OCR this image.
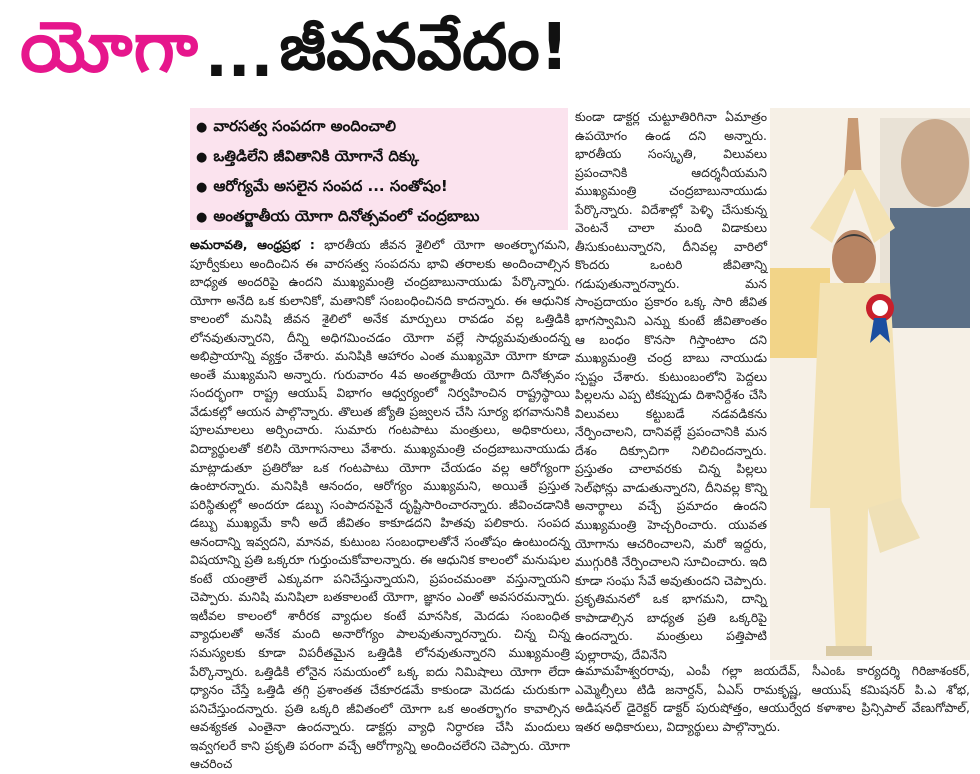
యోగా ...జీవనవేదం!
● వారసత్వ సంపదగా అందించాలి
● ఒత్తిడిలేని జీవితానికి యోగానే దిక్కు
● ఆరోగ్యమే అసలైన సంపద ... సంతోషం!
● అంతర్జాతీయ యోగా దినోత్సవంలో చంద్రబాబు

అమరావతి, ఆంధ్రప్రభ : భారతీయ జీవన శైలిలో యోగా అంతర్భాగమని, పూర్వీకులు అందించిన ఈ వారసత్వ సంపదను భావి తరాలకు అందించాల్సిన బాధ్యత అందరిపై ఉందని ముఖ్యమంత్రి చంద్రబాబునాయుడు పేర్కొన్నారు. యోగా అనేది ఒక కులానికో, మతానికో సంబంధించినది కాదన్నారు. ఈ ఆధునిక కాలంలో మనిషి జీవన శైలిలో అనేక మార్పులు రావడం వల్ల ఒత్తిడికి లోనవుతున్నారని, దీన్ని అధిగమించడం యోగా వల్లే సాధ్యమవుతుందన్న అభిప్రాయాన్ని వ్యక్తం చేశారు. మనిషికి ఆహారం ఎంత ముఖ్యమో యోగా కూడా అంతే ముఖ్యమని అన్నారు. గురువారం 4వ అంతర్జాతీయ యోగా దినోత్సవం సందర్భంగా రాష్ట్ర ఆయుష్ విభాగం ఆధ్వర్యంలో నిర్వహించిన రాష్ట్రస్థాయి వేడుకల్లో ఆయన పాల్గొన్నారు. తొలుత జ్యోతి ప్రజ్వలన చేసి సూర్య భగవానునికి పూలమాలలు అర్పించారు. సుమారు గంటపాటు మంత్రులు, అధికారులు, విద్యార్థులతో కలిసి యోగాసనాలు వేశారు. ముఖ్యమంత్రి చంద్రబాబునాయుడు మాట్లాడుతూ ప్రతిరోజు ఒక గంటపాటు యోగా చేయడం వల్ల ఆరోగ్యంగా ఉంటారన్నారు. మనిషికి ఆనందం, ఆరోగ్యం ముఖ్యమని, అయితే ప్రస్తుత పరిస్థితుల్లో అందరూ డబ్బు సంపాదనపైనే దృష్టిసారించారన్నారు. జీవించడానికి డబ్బు ముఖ్యమే కానీ అదే జీవితం కాకూడదని హితవు పలికారు. సంపద ఆనందాన్ని ఇవ్వదని, మానవ, కుటుంబ సంబంధాలతోనే సంతోషం ఉంటుందన్న విషయాన్ని ప్రతి ఒక్కరూ గుర్తుంచుకోవాలన్నారు. ఈ ఆధునిక కాలంలో మనుషుల కంటే యంత్రాలే ఎక్కువగా పనిచేస్తున్నాయని, ప్రపంచమంతా వస్తున్నాయని చెప్పారు. మనిషి మనిషిలా బతకాలంటే యోగా, జ్ఞానం ఎంతో అవసరమన్నారు. ఇటీవల కాలంలో శారీరక వ్యాధుల కంటే మానసిక, మెదడు సంబంధిత వ్యాధులతో అనేక మంది అనారోగ్యం పాలవుతున్నారన్నారు. చిన్న చిన్న సమస్యలకు కూడా విపరీతమైన ఒత్తిడికి లోనవుతున్నారని ముఖ్యమంత్రి పేర్కొన్నారు. ఒత్తిడికి లోనైన సమయంలో ఒక్క ఐదు నిమిషాలు యోగా లేదా ధ్యానం చేస్తే ఒత్తిడి తగ్గి ప్రశాంతత చేకూరడమే కాకుండా మెదడు చురుకుగా పనిచేస్తుందన్నారు. ప్రతి ఒక్కరి జీవితంలో యోగా ఒక అంతర్భాగం కావాల్సిన ఆవశ్యకత ఎంతైనా ఉందన్నారు. డాక్టర్లు వ్యాధి నిర్ధారణ చేసి మందులు ఇవ్వగలరే కాని ప్రకృతి పరంగా వచ్చే ఆరోగ్యాన్ని అందించలేరని చెప్పారు. యోగా ఆచరించ

కుండా డాక్టర్ల చుట్టూతిరిగినా ఏమాత్రం ఉపయోగం ఉండ దని అన్నారు. భారతీయ సంస్కృతి, విలువలు ప్రపంచానికి ఆదర్శనీయమని ముఖ్యమంత్రి చంద్రబాబునాయుడు పేర్కొన్నారు. విదేశాల్లో పెళ్ళి చేసుకున్న వెంటనే చాలా మంది విడాకులు తీసుకుంటున్నారని, దీనివల్ల వారిలో కొందరు ఒంటరి జీవితాన్ని గడుపుతున్నారన్నారు. మన సాంప్రదాయం ప్రకారం ఒక్క సారి జీవిత భాగస్వామిని ఎన్ను కుంటే జీవితాంతం ఆ బంధం కొనసా గిస్తాంటాం దని ముఖ్యమంత్రి చంద్ర బాబు నాయుడు స్పష్టం చేశారు. కుటుంబంలోని పెద్దలు పిల్లలను ఎప్ప టికప్పుడు దిశానిర్దేశం చేసి విలువలు కట్టుబడే నడవడికను నేర్పించాలని, దానివల్లే ప్రపంచానికి మన దేశం దిక్సూచిగా నిలిచిందన్నారు. ప్రస్తుతం చాలావరకు చిన్న పిల్లలు సెల్‌ఫోన్లు వాడుతున్నారని, దీనివల్ల కొన్ని అనార్థాలు వచ్చే ప్రమాదం ఉందని ముఖ్యమంత్రి హెచ్చరించారు. యువత యోగాను ఆచరించాలని, మరో ఇద్దరు, ముగ్గురికి నేర్పించాలని సూచించారు. ఇది కూడా సంఘ సేవే అవుతుందని చెప్పారు. ప్రకృతిమనలో ఒక భాగమని, దాన్ని కాపాడాల్సిన బాధ్యత ప్రతి ఒక్కరిపై ఉందన్నారు. మంత్రులు పత్తిపాటి పుల్లారావు, దేవినేని

ఉమామహేశ్వరరావు, ఎంపీ గల్లా జయదేవ్, సీఎంఓ కార్యదర్శి గిరిజాశంకర్, ఎమ్మెల్సీలు టిడి జనార్దన్, ఏఎస్ రామకృష్ణ, ఆయుష్ కమిషనర్ పి.ఎ శోభ, అడిషనల్ డైరెక్టర్ డాక్టర్ పురుషోత్తం, ఆయుర్వేద కళాశాల ప్రిన్సిపాల్ వేణుగోపాల్, ఇతర అధికారులు, విద్యార్థులు పాల్గొన్నారు.
